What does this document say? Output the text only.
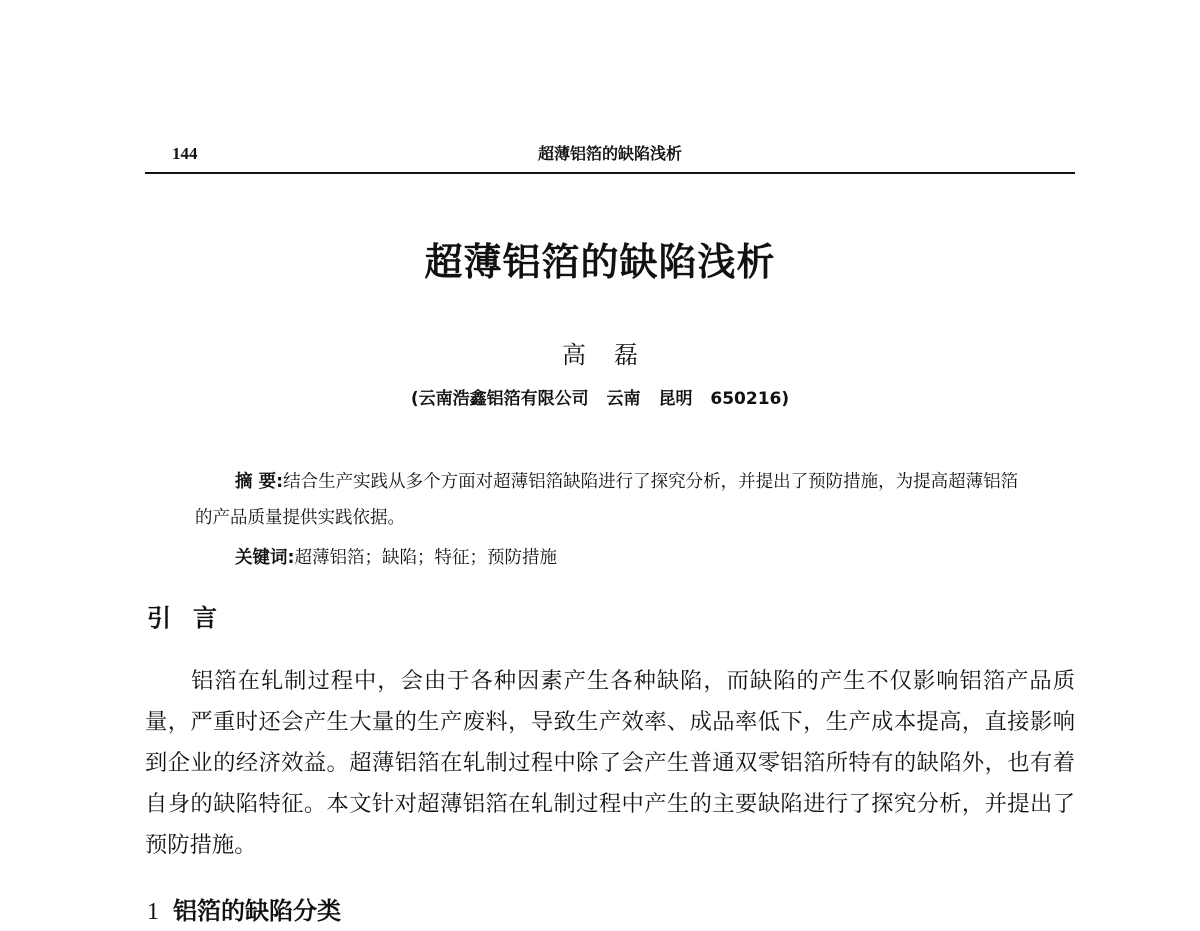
144	超薄铝箔的缺陷浅析
超薄铝箔的缺陷浅析
高磊
(云南浩鑫铝箔有限公司 云南 昆明 650216)
摘 要:结合生产实践从多个方面对超薄铝箔缺陷进行了探究分析，并提出了预防措施，为提高超薄铝箔的产品质量提供实践依据。
关键词:超薄铝箔；缺陷；特征；预防措施
引言
铝箔在轧制过程中，会由于各种因素产生各种缺陷，而缺陷的产生不仅影响铝箔产品质量，严重时还会产生大量的生产废料，导致生产效率、成品率低下，生产成本提高，直接影响到企业的经济效益。超薄铝箔在轧制过程中除了会产生普通双零铝箔所特有的缺陷外，也有着自身的缺陷特征。本文针对超薄铝箔在轧制过程中产生的主要缺陷进行了探究分析，并提出了预防措施。
1 铝箔的缺陷分类
